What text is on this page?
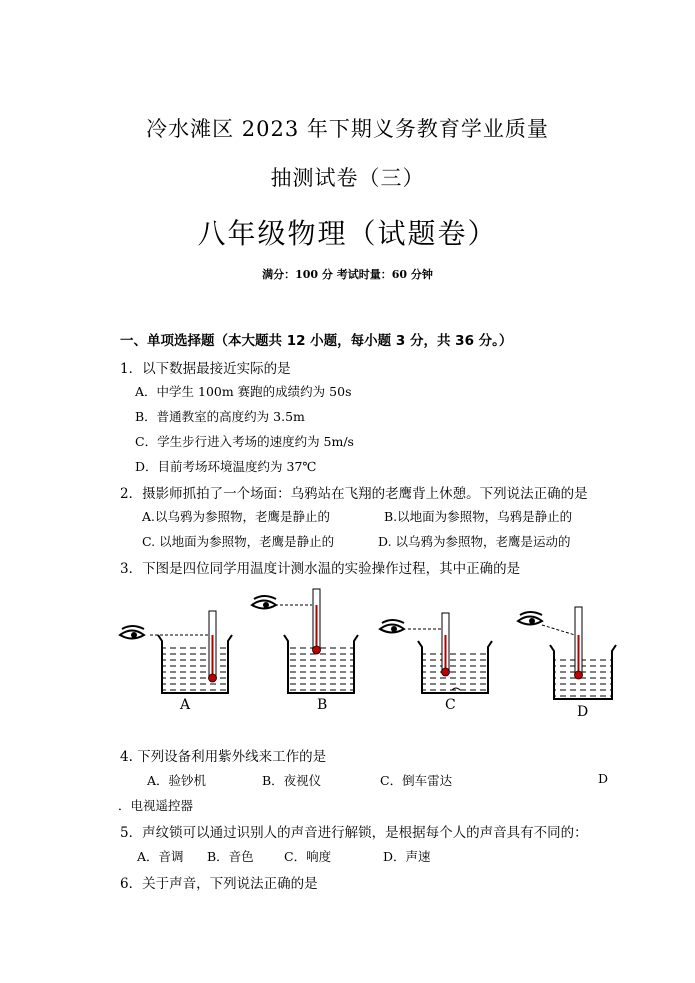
冷水滩区 2023 年下期义务教育学业质量
抽测试卷（三）
八年级物理（试题卷）
满分：100 分 考试时量：60 分钟
一、单项选择题（本大题共 12 小题，每小题 3 分，共 36 分。）
1．以下数据最接近实际的是
A．中学生 100m 赛跑的成绩约为 50s
B．普通教室的高度约为 3.5m
C．学生步行进入考场的速度约为 5m/s
D．目前考场环境温度约为 37℃
2．摄影师抓拍了一个场面：乌鸦站在飞翔的老鹰背上休憩。下列说法正确的是
A.以乌鸦为参照物，老鹰是静止的	B.以地面为参照物，乌鸦是静止的
C. 以地面为参照物，老鹰是静止的	D. 以乌鸦为参照物，老鹰是运动的
3．下图是四位同学用温度计测水温的实验操作过程，其中正确的是
A	B	C	D
4. 下列设备利用紫外线来工作的是
A．验钞机	B．夜视仪	C．倒车雷达	D
．电视遥控器
5．声纹锁可以通过识别人的声音进行解锁，是根据每个人的声音具有不同的：
A．音调 B．音色 C．响度	D．声速
6．关于声音，下列说法正确的是
